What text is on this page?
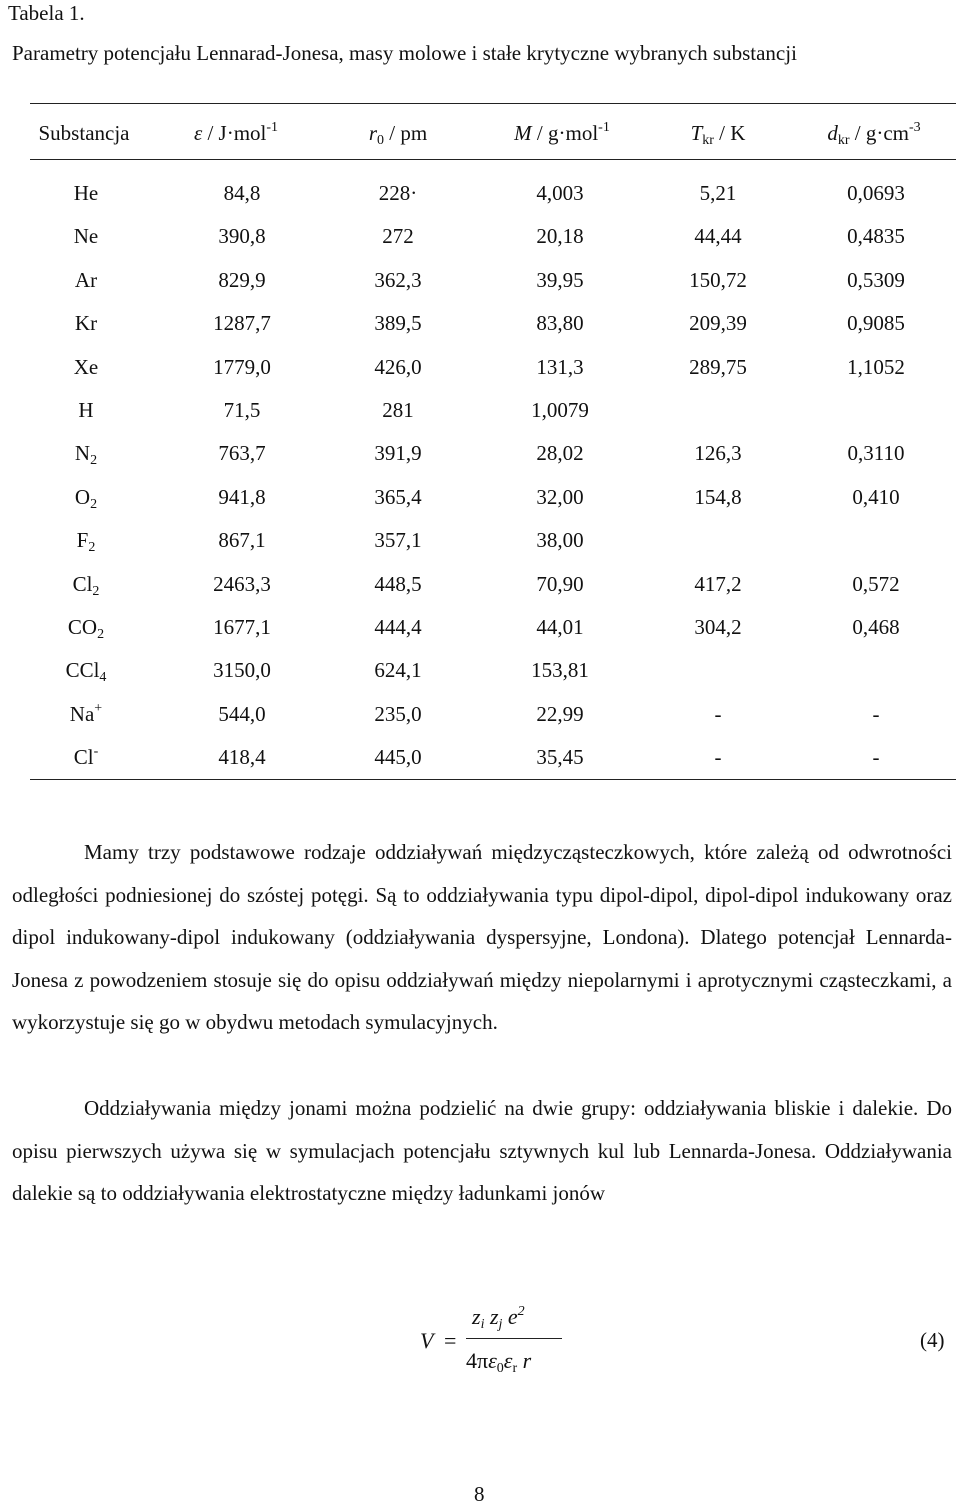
Tabela 1.
Parametry potencjału Lennarad-Jonesa, masy molowe i stałe krytyczne wybranych substancji
Substancja	ε / J·mol$^{-1}$	r0 / pm	M / g·mol$^{-1}$	Tkr / K	dkr / $g\cdot cm^{-3}$
He	84,8	228·	4,003	5,21	0,0693
Ne	390,8	272	20,18	44,44	0,4835
Ar	829,9	362,3	39,95	150,72	0,5309
Kr	1287,7	389,5	83,80	209,39	0,9085
Xe	1779,0	426,0	131,3	289,75	1,1052
H	71,5	281	1,0079
N2	763,7	391,9	28,02	126,3	0,3110
O2	941,8	365,4	32,00	154,8	0,410
F2	867,1	357,1	38,00
Cl2	2463,3	448,5	70,90	417,2	0,572
CO2	1677,1	444,4	44,01	304,2	0,468
CCl4	3150,0	624,1	153,81
Na+	544,0	235,0	22,99	-	-
Cl-	418,4	445,0	35,45	-	-

Mamy trzy podstawowe rodzaje oddziaływań międzycząsteczkowych, które zależą od odwrotności odległości podniesionej do szóstej potęgi. Są to oddziaływania typu dipol-dipol, dipol-dipol indukowany oraz dipol indukowany-dipol indukowany (oddziaływania dyspersyjne, Londona). Dlatego potencjał Lennarda-Jonesa z powodzeniem stosuje się do opisu oddziaływań między niepolarnymi i aprotycznymi cząsteczkami, a wykorzystuje się go w obydwu metodach symulacyjnych.

Oddziaływania między jonami można podzielić na dwie grupy: oddziaływania bliskie i dalekie. Do opisu pierwszych używa się w symulacjach potencjału sztywnych kul lub Lennarda-Jonesa. Oddziaływania dalekie są to oddziaływania elektrostatyczne między ładunkami jonów

V =
zi zj $e^2$
4πε0εr r
(4)
8
